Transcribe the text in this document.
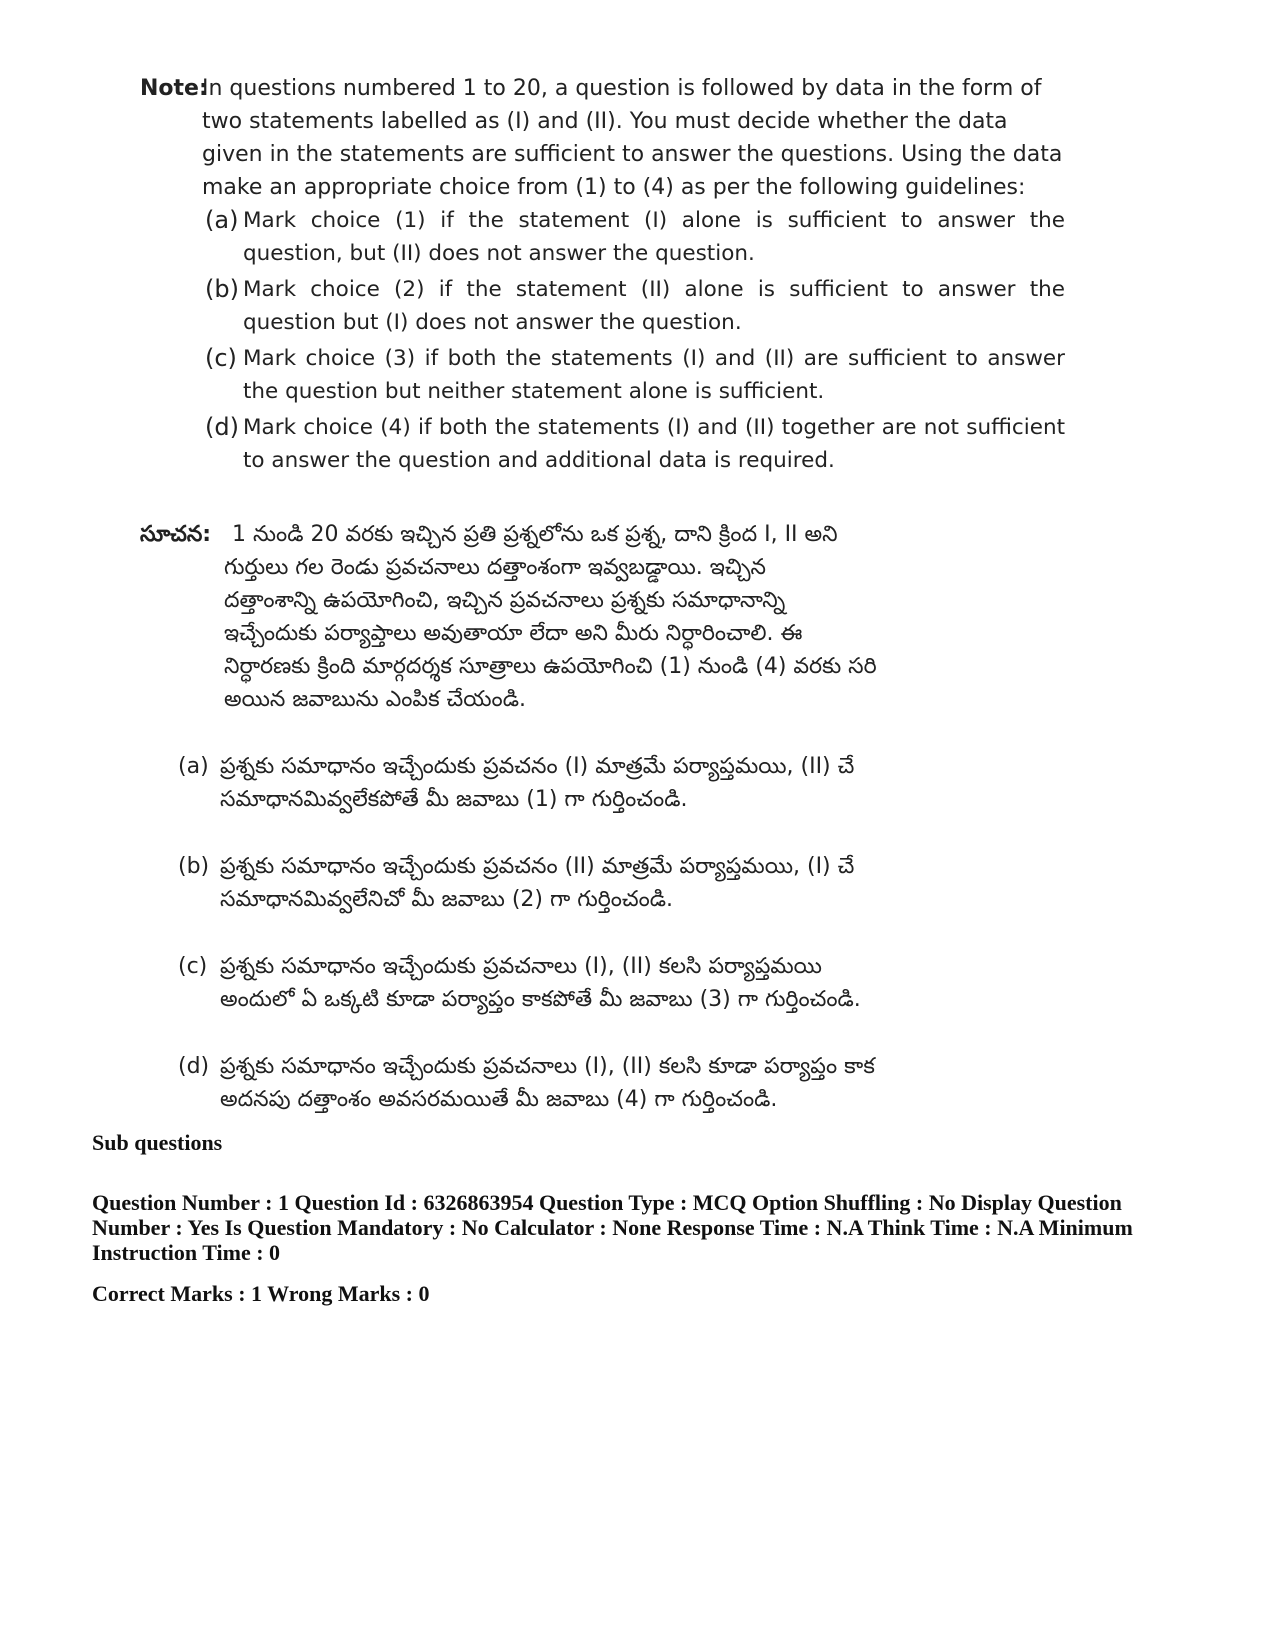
Note:
In questions numbered 1 to 20, a question is followed by data in the form of
two statements labelled as (I) and (II). You must decide whether the data
given in the statements are sufficient to answer the questions. Using the data
make an appropriate choice from (1) to (4) as per the following guidelines:
(a) Mark choice (1) if the statement (I) alone is sufficient to answer the question, but (II) does not answer the question.
(b) Mark choice (2) if the statement (II) alone is sufficient to answer the question but (I) does not answer the question.
(c) Mark choice (3) if both the statements (I) and (II) are sufficient to answer the question but neither statement alone is sufficient.
(d) Mark choice (4) if both the statements (I) and (II) together are not sufficient to answer the question and additional data is required.
సూచన: 1 నుండి 20 వరకు ఇచ్చిన ప్రతి ప్రశ్నలోను ఒక ప్రశ్న, దాని క్రింద I, II అని
గుర్తులు గల రెండు ప్రవచనాలు దత్తాంశంగా ఇవ్వబడ్డాయి. ఇచ్చిన
దత్తాంశాన్ని ఉపయోగించి, ఇచ్చిన ప్రవచనాలు ప్రశ్నకు సమాధానాన్ని
ఇచ్చేందుకు పర్యాప్తాలు అవుతాయా లేదా అని మీరు నిర్ధారించాలి. ఈ
నిర్ధారణకు క్రింది మార్గదర్శక సూత్రాలు ఉపయోగించి (1) నుండి (4) వరకు సరి
అయిన జవాబును ఎంపిక చేయండి.
(a) ప్రశ్నకు సమాధానం ఇచ్చేందుకు ప్రవచనం (I) మాత్రమే పర్యాప్తమయి, (II) చే
సమాధానమివ్వలేకపోతే మీ జవాబు (1) గా గుర్తించండి.
(b) ప్రశ్నకు సమాధానం ఇచ్చేందుకు ప్రవచనం (II) మాత్రమే పర్యాప్తమయి, (I) చే
సమాధానమివ్వలేనిచో మీ జవాబు (2) గా గుర్తించండి.
(c) ప్రశ్నకు సమాధానం ఇచ్చేందుకు ప్రవచనాలు (I), (II) కలసి పర్యాప్తమయి
అందులో ఏ ఒక్కటి కూడా పర్యాప్తం కాకపోతే మీ జవాబు (3) గా గుర్తించండి.
(d) ప్రశ్నకు సమాధానం ఇచ్చేందుకు ప్రవచనాలు (I), (II) కలసి కూడా పర్యాప్తం కాక
అదనపు దత్తాంశం అవసరమయితే మీ జవాబు (4) గా గుర్తించండి.
Sub questions
Question Number : 1 Question Id : 6326863954 Question Type : MCQ Option Shuffling : No Display Question Number : Yes Is Question Mandatory : No Calculator : None Response Time : N.A Think Time : N.A Minimum Instruction Time : 0
Correct Marks : 1 Wrong Marks : 0
